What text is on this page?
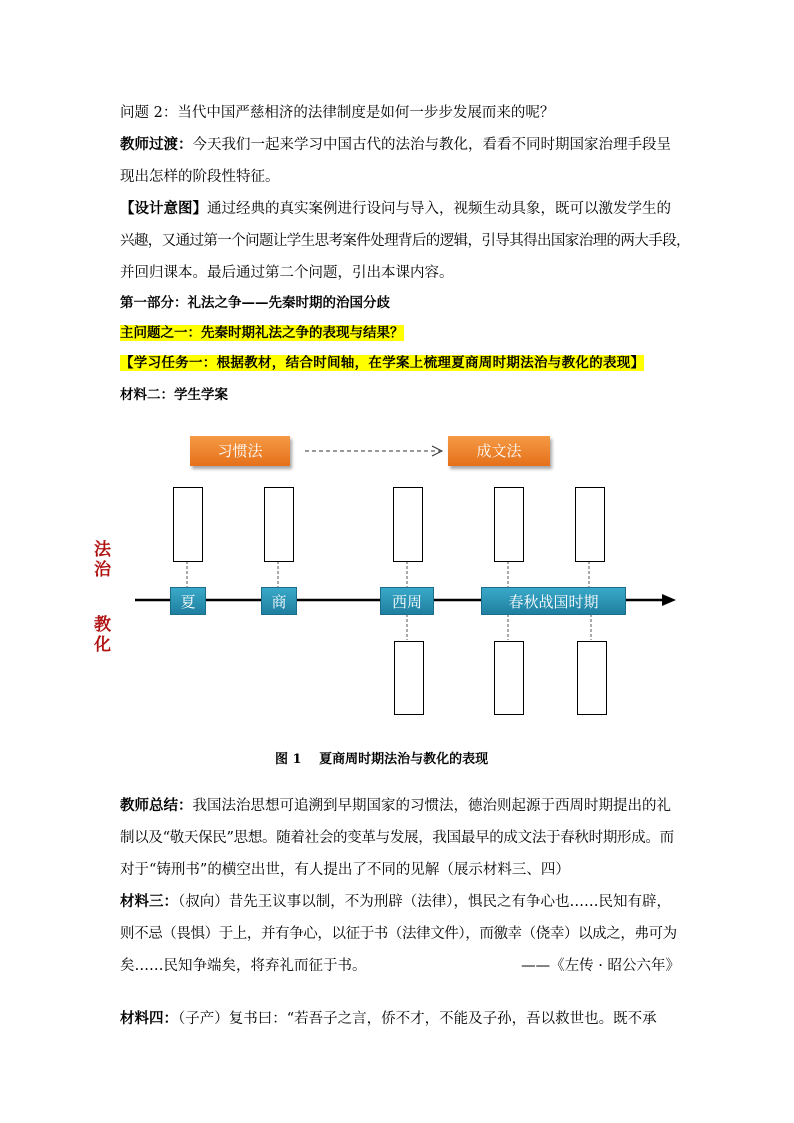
问题 2：当代中国严慈相济的法律制度是如何一步步发展而来的呢？
教师过渡：今天我们一起来学习中国古代的法治与教化，看看不同时期国家治理手段呈
现出怎样的阶段性特征。
【设计意图】通过经典的真实案例进行设问与导入，视频生动具象，既可以激发学生的
兴趣，又通过第一个问题让学生思考案件处理背后的逻辑，引导其得出国家治理的两大手段，
并回归课本。最后通过第二个问题，引出本课内容。
第一部分：礼法之争——先秦时期的治国分歧
主问题之一：先秦时期礼法之争的表现与结果？
【学习任务一：根据教材，结合时间轴，在学案上梳理夏商周时期法治与教化的表现】
材料二：学生学案
习惯法	成文法
夏	商	西周	春秋战国时期
法
治
教
化
图 1　 夏商周时期法治与教化的表现
教师总结：我国法治思想可追溯到早期国家的习惯法，德治则起源于西周时期提出的礼
制以及“敬天保民”思想。随着社会的变革与发展，我国最早的成文法于春秋时期形成。而
对于“铸刑书”的横空出世，有人提出了不同的见解（展示材料三、四）
材料三：（叔向）昔先王议事以制，不为刑辟（法律），惧民之有争心也……民知有辟，
则不忌（畏惧）于上，并有争心，以征于书（法律文件），而徼幸（侥幸）以成之，弗可为
矣……民知争端矣，将弃礼而征于书。	——《左传 · 昭公六年》
材料四：（子产）复书曰：“若吾子之言，侨不才，不能及子孙，吾以救世也。既不承
